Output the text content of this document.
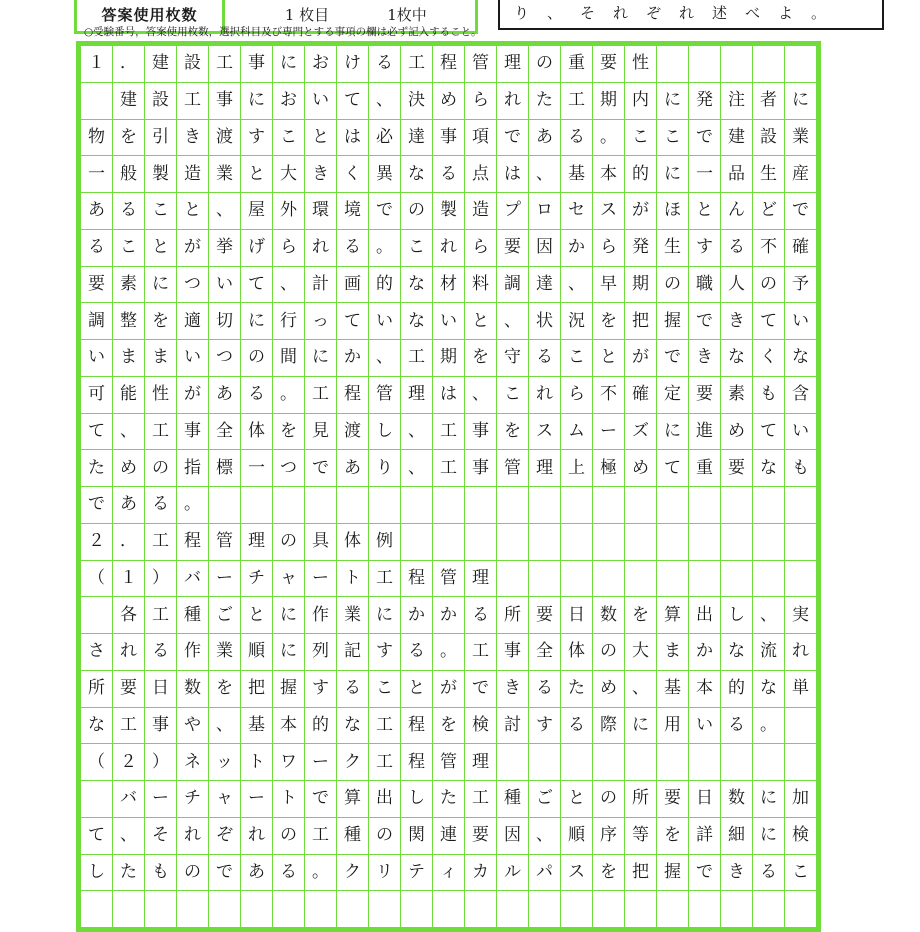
答案使用枚数	1 枚目	1枚中	り、それぞれ述べよ。
○受験番号，答案使用枚数，選択科目及び専門とする事項の欄は必ず記入すること。
１	．	建	設	工	事	に	お	け	る	工	程	管	理	の	重	要	性					
	建	設	工	事	に	お	い	て	、	決	め	ら	れ	た	工	期	内	に	発	注	者	に
物	を	引	き	渡	す	こ	と	は	必	達	事	項	で	あ	る	。	こ	こ	で	建	設	業
一	般	製	造	業	と	大	き	く	異	な	る	点	は	、	基	本	的	に	一	品	生	産
あ	る	こ	と	、	屋	外	環	境	で	の	製	造	プ	ロ	セ	ス	が	ほ	と	ん	ど	で
る	こ	と	が	挙	げ	ら	れ	る	。	こ	れ	ら	要	因	か	ら	発	生	す	る	不	確
要	素	に	つ	い	て	、	計	画	的	な	材	料	調	達	、	早	期	の	職	人	の	予
調	整	を	適	切	に	行	っ	て	い	な	い	と	、	状	況	を	把	握	で	き	て	い
い	ま	ま	い	つ	の	間	に	か	、	工	期	を	守	る	こ	と	が	で	き	な	く	な
可	能	性	が	あ	る	。	工	程	管	理	は	、	こ	れ	ら	不	確	定	要	素	も	含
て	、	工	事	全	体	を	見	渡	し	、	工	事	を	ス	ム	ー	ズ	に	進	め	て	い
た	め	の	指	標	一	つ	で	あ	り	、	工	事	管	理	上	極	め	て	重	要	な	も
で	あ	る	。																			
２	．	工	程	管	理	の	具	体	例													
（	１	）	バ	ー	チ	ャ	ー	ト	工	程	管	理										
	各	工	種	ご	と	に	作	業	に	か	か	る	所	要	日	数	を	算	出	し	、	実
さ	れ	る	作	業	順	に	列	記	す	る	。	工	事	全	体	の	大	ま	か	な	流	れ
所	要	日	数	を	把	握	す	る	こ	と	が	で	き	る	た	め	、	基	本	的	な	単
な	工	事	や	、	基	本	的	な	工	程	を	検	討	す	る	際	に	用	い	る	。	
（	２	）	ネ	ッ	ト	ワ	ー	ク	工	程	管	理										
	バ	ー	チ	ャ	ー	ト	で	算	出	し	た	工	種	ご	と	の	所	要	日	数	に	加
て	、	そ	れ	ぞ	れ	の	工	種	の	関	連	要	因	、	順	序	等	を	詳	細	に	検
し	た	も	の	で	あ	る	。	ク	リ	テ	ィ	カ	ル	パ	ス	を	把	握	で	き	る	こ
